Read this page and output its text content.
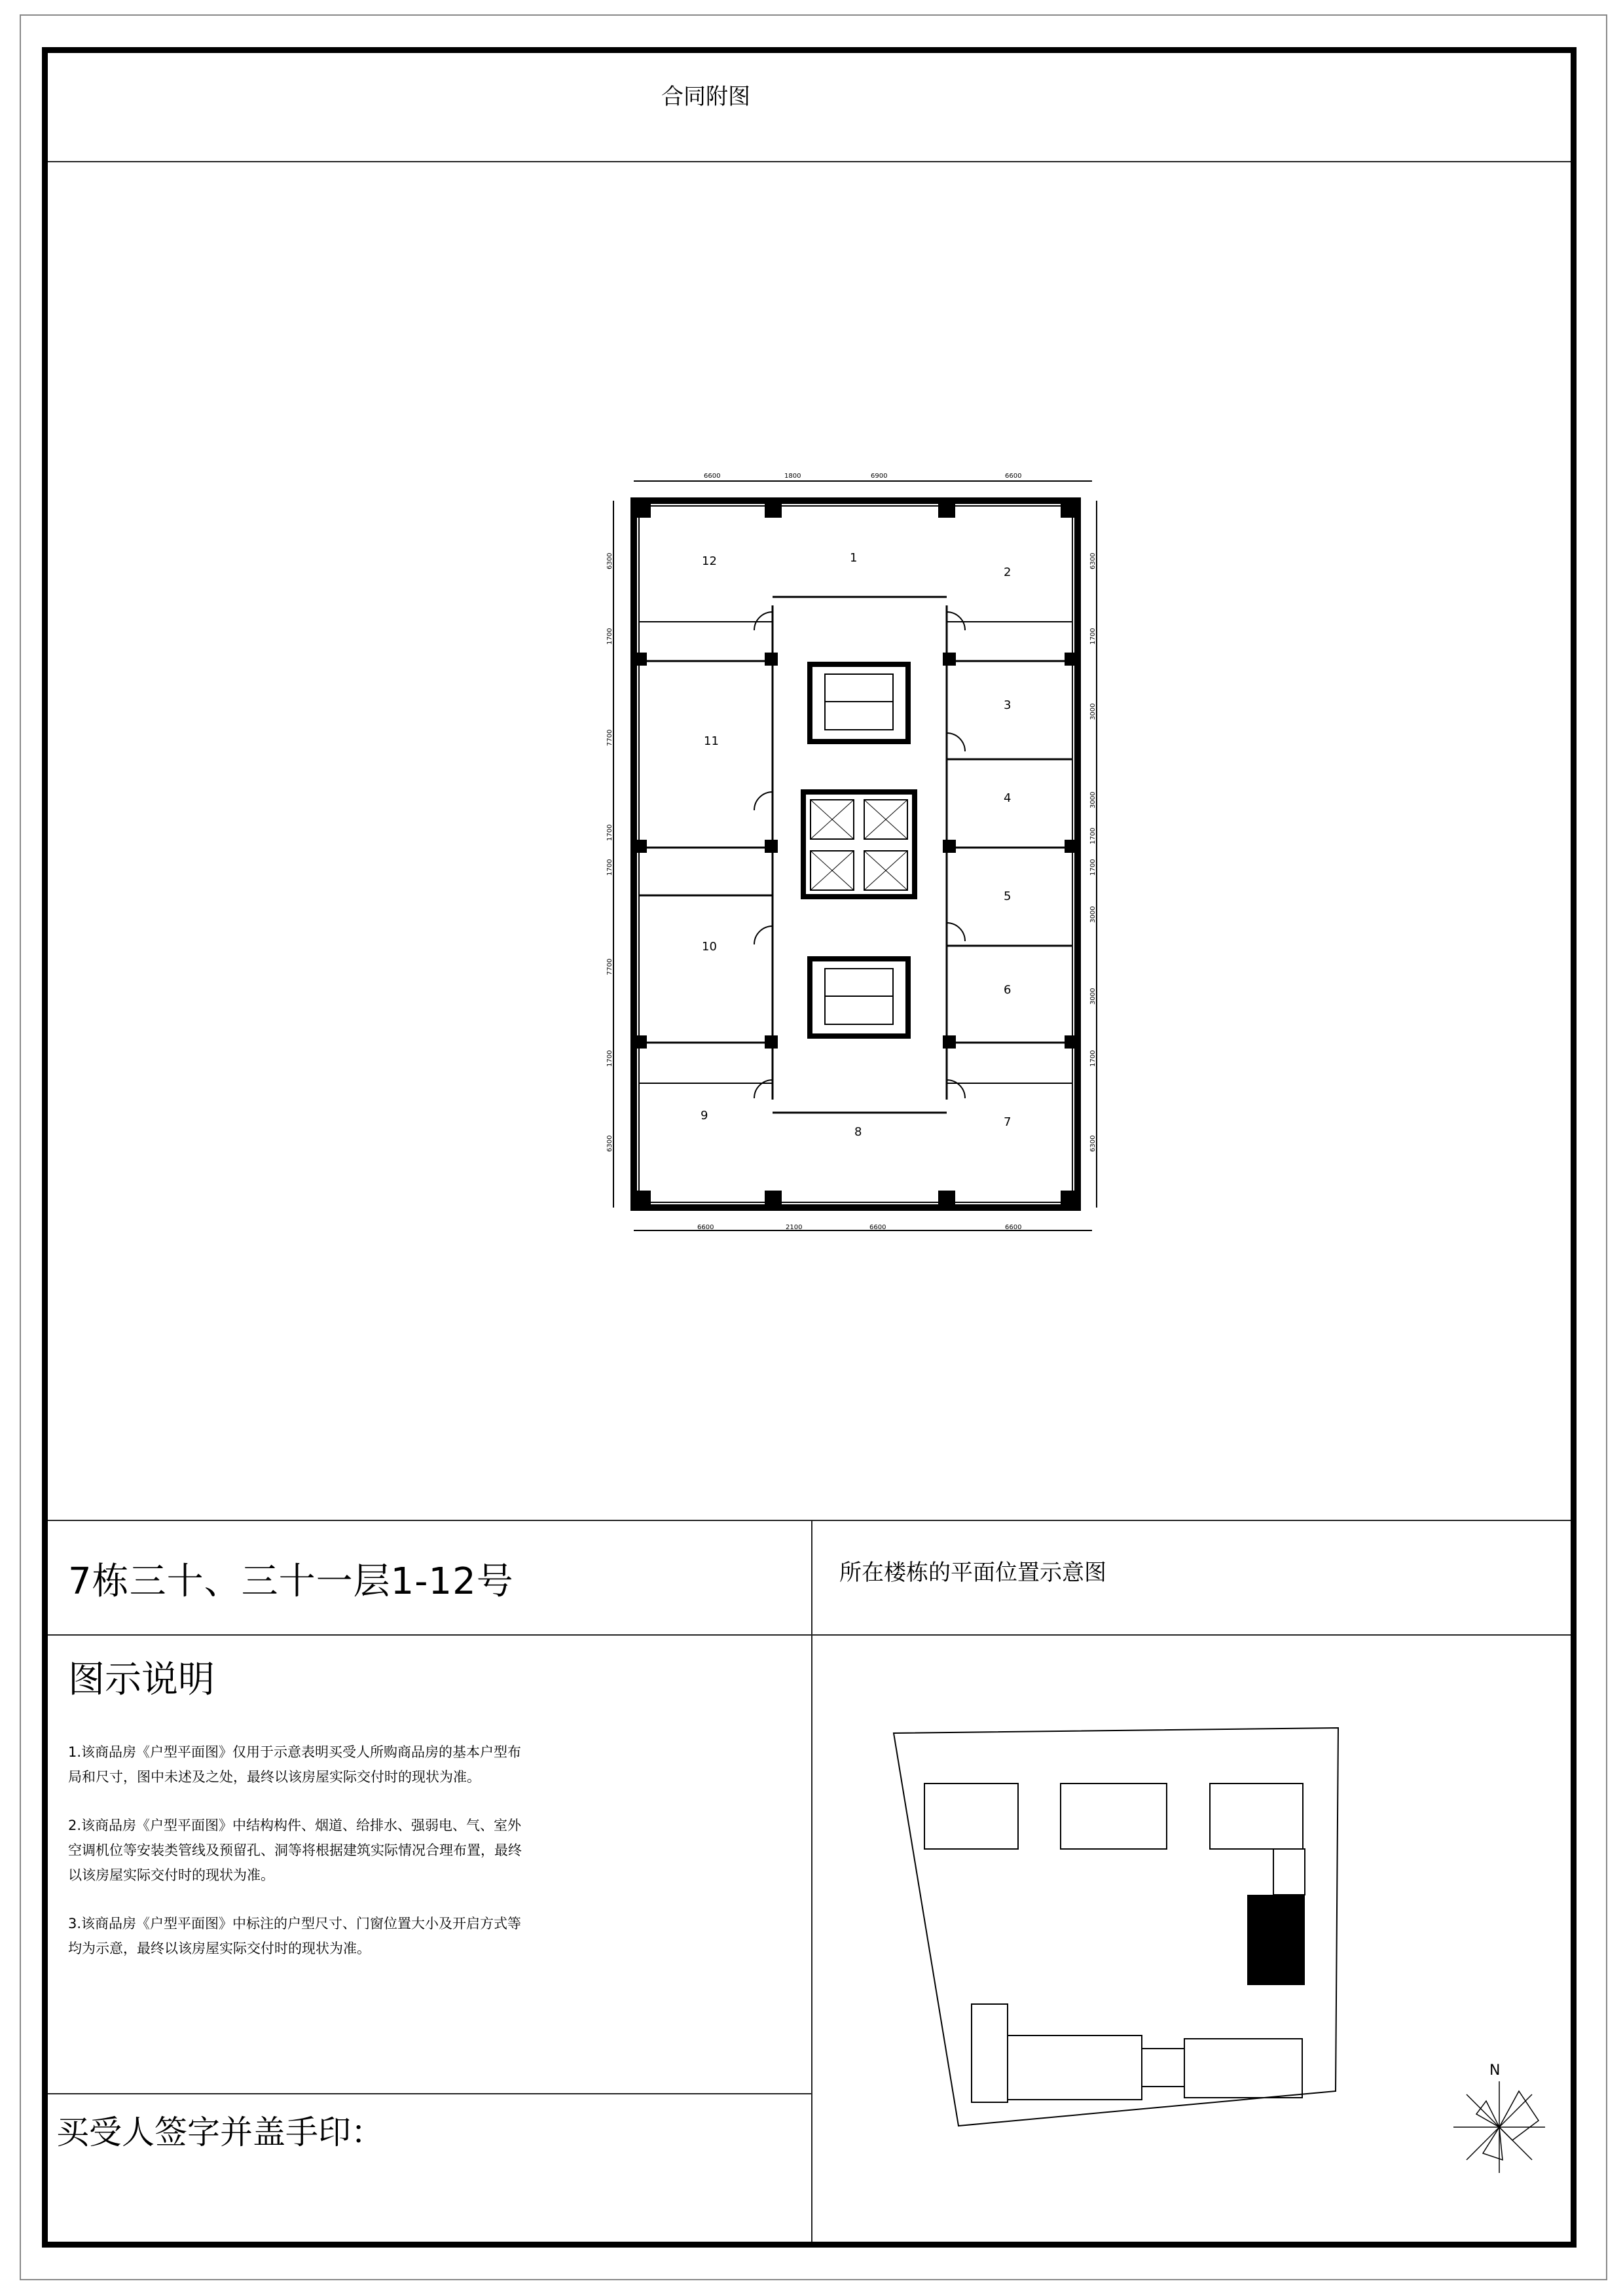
合同附图
7栋三十、三十一层1-12号	所在楼栋的平面位置示意图
图示说明
1.该商品房《户型平面图》仅用于示意表明买受人所购商品房的基本户型布局和尺寸，图中未述及之处，最终以该房屋实际交付时的现状为准。
2.该商品房《户型平面图》中结构构件、烟道、给排水、强弱电、气、室外空调机位等安装类管线及预留孔、洞等将根据建筑实际情况合理布置，最终以该房屋实际交付时的现状为准。
3.该商品房《户型平面图》中标注的户型尺寸、门窗位置大小及开启方式等均为示意，最终以该房屋实际交付时的现状为准。
买受人签字并盖手印：
6600	1800	6900	6600
6600	2100	6600	6600
6300
1700
7700
1700
1700
7700
1700
6300
6300
1700
3000
3000
1700
1700
3000
3000
1700
6300
1
2
3
4
5
6
7
8
9
10
11
12
N
